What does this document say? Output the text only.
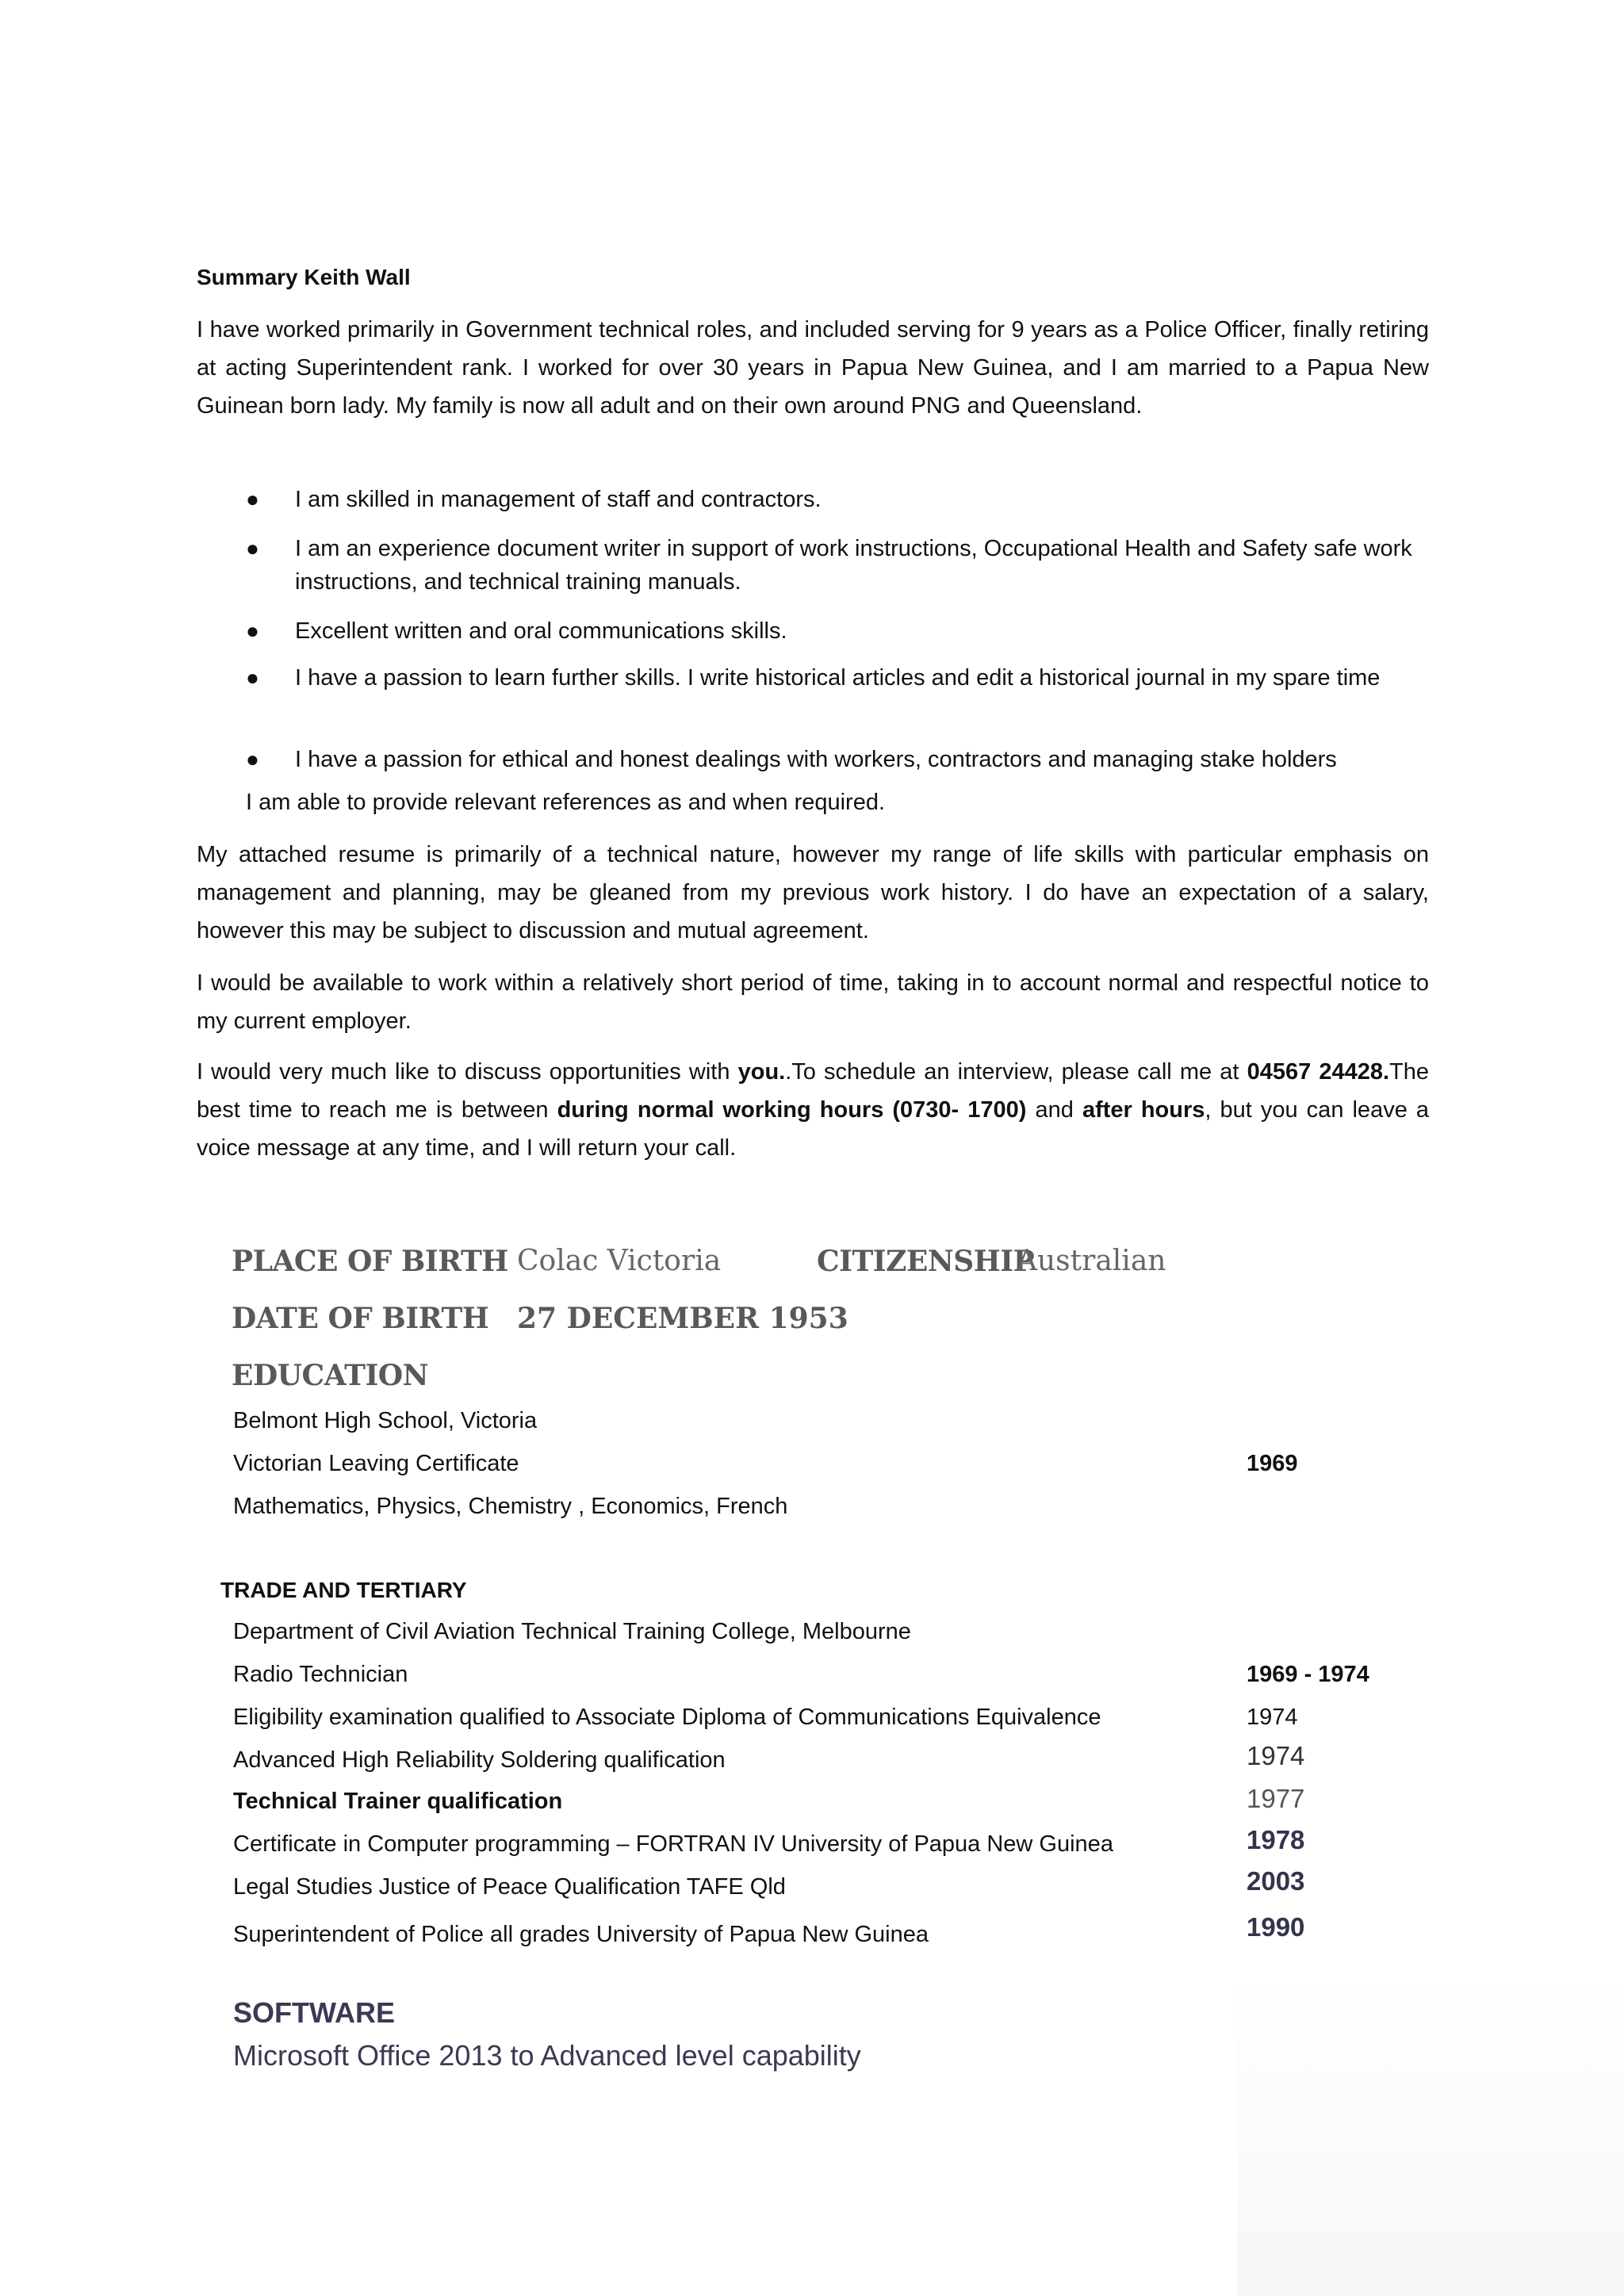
Summary Keith Wall
I have worked primarily in Government technical roles, and included serving for 9 years as a Police Officer, finally retiring at acting Superintendent rank. I worked for over 30 years in Papua New Guinea, and I am married to a Papua New Guinean born lady. My family is now all adult and on their own around PNG and Queensland.
● I am skilled in management of staff and contractors.
● I am an experience document writer in support of work instructions, Occupational Health and Safety safe work instructions, and technical training manuals.
● Excellent written and oral communications skills.
● I have a passion to learn further skills. I write historical articles and edit a historical journal in my spare time
● I have a passion for ethical and honest dealings with workers, contractors and managing stake holders
I am able to provide relevant references as and when required.
My attached resume is primarily of a technical nature, however my range of life skills with particular emphasis on management and planning, may be gleaned from my previous work history. I do have an expectation of a salary, however this may be subject to discussion and mutual agreement.
I would be available to work within a relatively short period of time, taking in to account normal and respectful notice to my current employer.
I would very much like to discuss opportunities with you..To schedule an interview, please call me at 04567 24428.The best time to reach me is between during normal working hours (0730- 1700) and after hours, but you can leave a voice message at any time, and I will return your call.
PLACE OF BIRTH Colac Victoria	CITIZENSHIP
Australian
DATE OF BIRTH 27 DECEMBER 1953
EDUCATION
Belmont High School, Victoria
Victorian Leaving Certificate	1969
Mathematics, Physics, Chemistry , Economics, French
TRADE AND TERTIARY
Department of Civil Aviation Technical Training College, Melbourne
Radio Technician	1969 - 1974
Eligibility examination qualified to Associate Diploma of Communications Equivalence	1974
Advanced High Reliability Soldering qualification	1974
Technical Trainer qualification	1977
Certificate in Computer programming – FORTRAN IV University of Papua New Guinea	1978
Legal Studies Justice of Peace Qualification TAFE Qld	2003
Superintendent of Police all grades University of Papua New Guinea	1990
SOFTWARE
Microsoft Office 2013 to Advanced level capability
